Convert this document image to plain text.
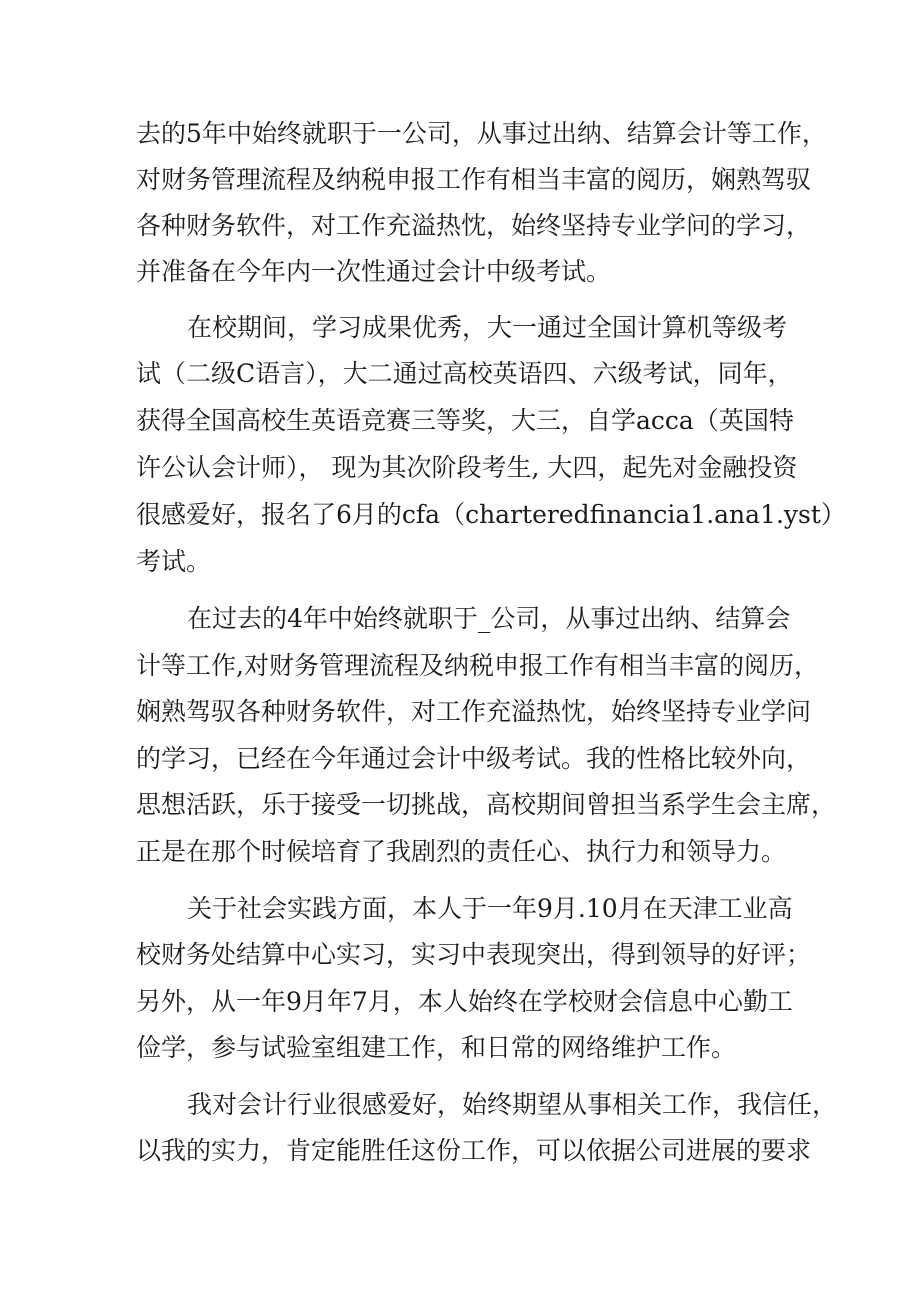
去的5年中始终就职于一公司，从事过出纳、结算会计等工作，
对财务管理流程及纳税申报工作有相当丰富的阅历，娴熟驾驭
各种财务软件，对工作充溢热忱，始终坚持专业学问的学习，
并准备在今年内一次性通过会计中级考试。
在校期间，学习成果优秀，大一通过全国计算机等级考
试（二级C语言），大二通过高校英语四、六级考试，同年，
获得全国高校生英语竞赛三等奖，大三，自学acca（英国特
许公认会计师）， 现为其次阶段考生, 大四，起先对金融投资
很感爱好，报名了6月的cfa（charteredfinancia1.ana1.yst）
考试。
在过去的4年中始终就职于_公司，从事过出纳、结算会
计等工作,对财务管理流程及纳税申报工作有相当丰富的阅历，
娴熟驾驭各种财务软件，对工作充溢热忱，始终坚持专业学问
的学习，已经在今年通过会计中级考试。我的性格比较外向，
思想活跃，乐于接受一切挑战，高校期间曾担当系学生会主席，
正是在那个时候培育了我剧烈的责任心、执行力和领导力。
关于社会实践方面，本人于一年9月.10月在天津工业高
校财务处结算中心实习，实习中表现突出，得到领导的好评；
另外，从一年9月年7月，本人始终在学校财会信息中心勤工
俭学，参与试验室组建工作，和日常的网络维护工作。
我对会计行业很感爱好，始终期望从事相关工作，我信任，
以我的实力，肯定能胜任这份工作，可以依据公司进展的要求
